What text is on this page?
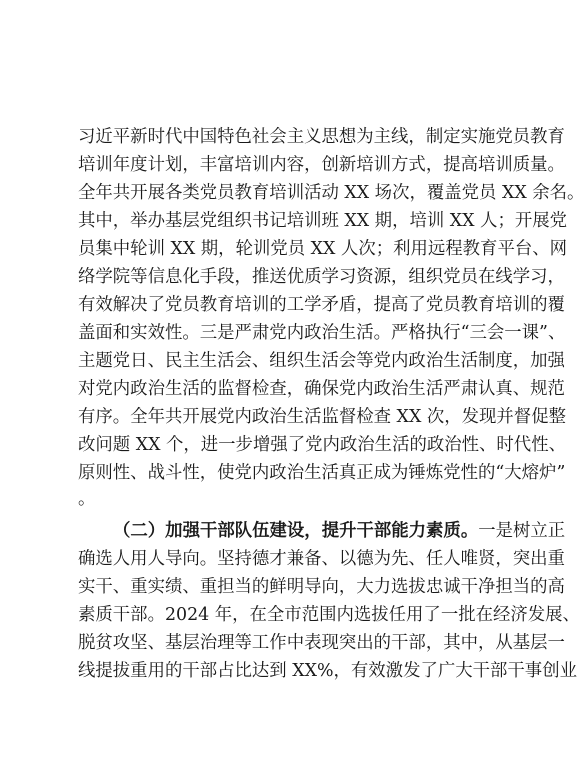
习近平新时代中国特色社会主义思想为主线，制定实施党员教育
培训年度计划，丰富培训内容，创新培训方式，提高培训质量。
全年共开展各类党员教育培训活动 XX 场次，覆盖党员 XX 余名。
其中，举办基层党组织书记培训班 XX 期，培训 XX 人；开展党
员集中轮训 XX 期，轮训党员 XX 人次；利用远程教育平台、网
络学院等信息化手段，推送优质学习资源，组织党员在线学习，
有效解决了党员教育培训的工学矛盾，提高了党员教育培训的覆
盖面和实效性。三是严肃党内政治生活。严格执行“三会一课”、
主题党日、民主生活会、组织生活会等党内政治生活制度，加强
对党内政治生活的监督检查，确保党内政治生活严肃认真、规范
有序。全年共开展党内政治生活监督检查 XX 次，发现并督促整
改问题 XX 个，进一步增强了党内政治生活的政治性、时代性、
原则性、战斗性，使党内政治生活真正成为锤炼党性的“大熔炉”
。
（二）加强干部队伍建设，提升干部能力素质。一是树立正
确选人用人导向。坚持德才兼备、以德为先、任人唯贤，突出重
实干、重实绩、重担当的鲜明导向，大力选拔忠诚干净担当的高
素质干部。2024 年，在全市范围内选拔任用了一批在经济发展、
脱贫攻坚、基层治理等工作中表现突出的干部，其中，从基层一
线提拔重用的干部占比达到 XX%，有效激发了广大干部干事创业
